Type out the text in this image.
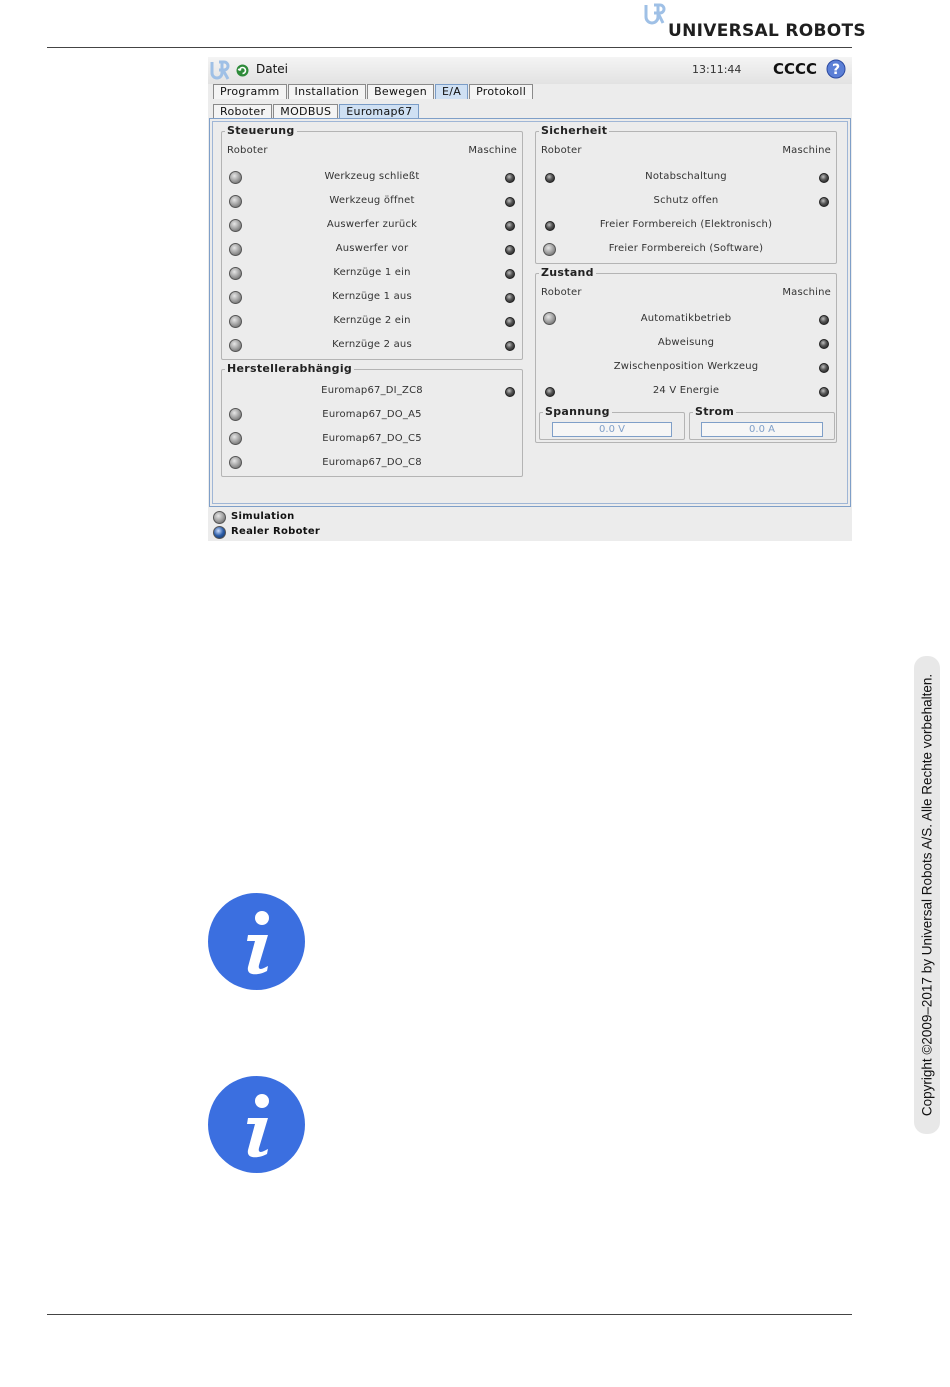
UNIVERSAL ROBOTS
Datei	13:11:44 CCCC ?
Programm	Installation	Bewegen	E/A	Protokoll
Roboter	MODBUS	Euromap67
Steuerung
Roboter	Maschine
Werkzeug schließt
Werkzeug öffnet
Auswerfer zurück
Auswerfer vor
Kernzüge 1 ein
Kernzüge 1 aus
Kernzüge 2 ein
Kernzüge 2 aus
Herstellerabhängig
Euromap67_DI_ZC8
Euromap67_DO_A5
Euromap67_DO_C5
Euromap67_DO_C8
Sicherheit
Roboter	Maschine
Notabschaltung
Schutz offen
Freier Formbereich (Elektronisch)
Freier Formbereich (Software)
Zustand
Roboter	Maschine
Automatikbetrieb
Abweisung
Zwischenposition Werkzeug
24 V Energie
Spannung
0.0 V
Strom
0.0 A
Simulation
Realer Roboter
Copyright ©2009–2017 by Universal Robots A/S. Alle Rechte vorbehalten.
